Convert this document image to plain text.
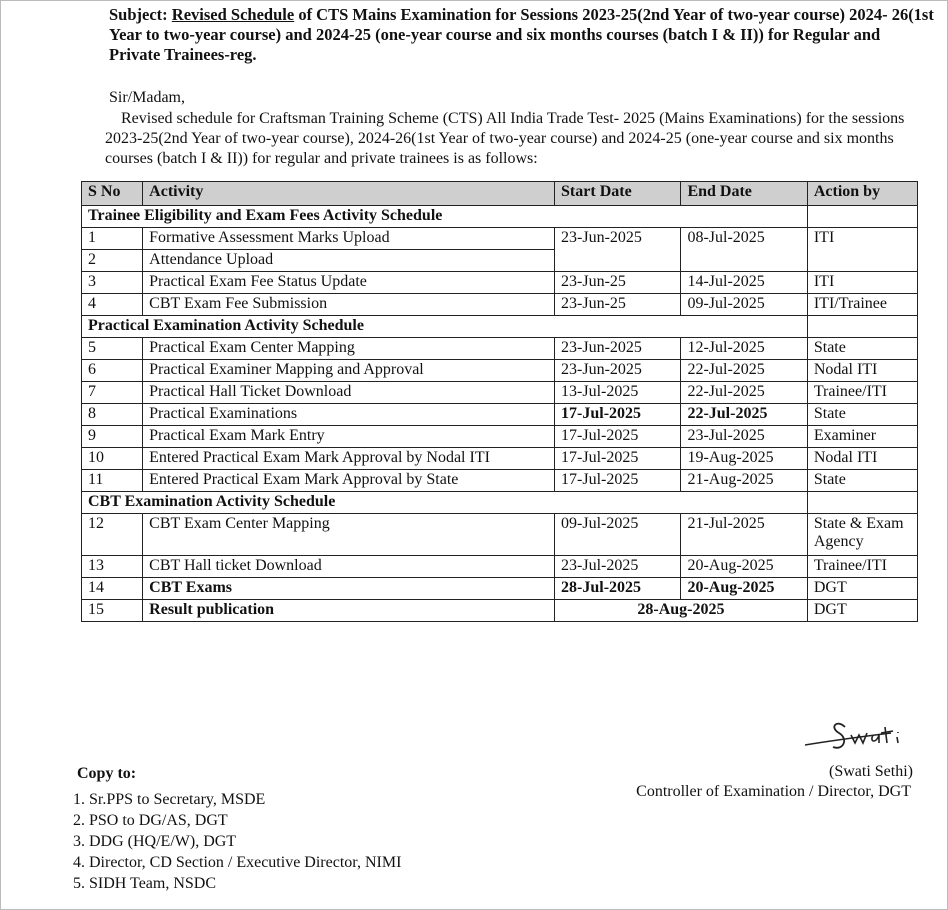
Subject: Revised Schedule of CTS Mains Examination for Sessions 2023-25(2nd Year of two-year course) 2024- 26(1st Year to two-year course) and 2024-25 (one-year course and six months courses (batch I & II)) for Regular and Private Trainees-reg.
Sir/Madam,
Revised schedule for Craftsman Training Scheme (CTS) All India Trade Test- 2025 (Mains Examinations) for the sessions 2023-25(2nd Year of two-year course), 2024-26(1st Year of two-year course) and 2024-25 (one-year course and six months courses (batch I & II)) for regular and private trainees is as follows:
S No	Activity	Start Date	End Date	Action by
Trainee Eligibility and Exam Fees Activity Schedule				
1	Formative Assessment Marks Upload	23-Jun-2025	08-Jul-2025	ITI
2	Attendance Upload			
3	Practical Exam Fee Status Update	23-Jun-25	14-Jul-2025	ITI
4	CBT Exam Fee Submission	23-Jun-25	09-Jul-2025	ITI/Trainee
Practical Examination Activity Schedule				
5	Practical Exam Center Mapping	23-Jun-2025	12-Jul-2025	State
6	Practical Examiner Mapping and Approval	23-Jun-2025	22-Jul-2025	Nodal ITI
7	Practical Hall Ticket Download	13-Jul-2025	22-Jul-2025	Trainee/ITI
8	Practical Examinations	17-Jul-2025	22-Jul-2025	State
9	Practical Exam Mark Entry	17-Jul-2025	23-Jul-2025	Examiner
10	Entered Practical Exam Mark Approval by Nodal ITI	17-Jul-2025	19-Aug-2025	Nodal ITI
11	Entered Practical Exam Mark Approval by State	17-Jul-2025	21-Aug-2025	State
CBT Examination Activity Schedule				
12	CBT Exam Center Mapping	09-Jul-2025	21-Jul-2025	State & Exam Agency
13	CBT Hall ticket Download	23-Jul-2025	20-Aug-2025	Trainee/ITI
14	CBT Exams	28-Jul-2025	20-Aug-2025	DGT
15	Result publication	28-Aug-2025		DGT
(Swati Sethi)
Controller of Examination / Director, DGT
Copy to:
1. Sr.PPS to Secretary, MSDE
2. PSO to DG/AS, DGT
3. DDG (HQ/E/W), DGT
4. Director, CD Section / Executive Director, NIMI
5. SIDH Team, NSDC
